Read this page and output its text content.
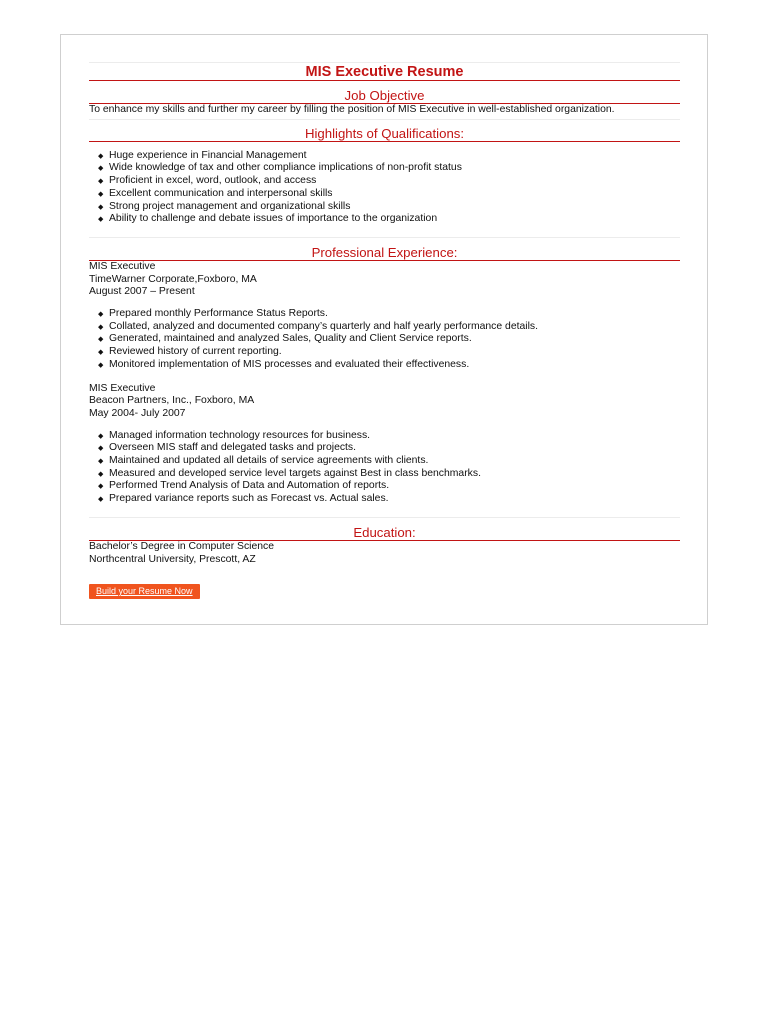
MIS Executive Resume
Job Objective
To enhance my skills and further my career by filling the position of MIS Executive in well-established organization.
Highlights of Qualifications:
◆ Huge experience in Financial Management
◆ Wide knowledge of tax and other compliance implications of non-profit status
◆ Proficient in excel, word, outlook, and access
◆ Excellent communication and interpersonal skills
◆ Strong project management and organizational skills
◆ Ability to challenge and debate issues of importance to the organization
Professional Experience:
MIS Executive
TimeWarner Corporate,Foxboro, MA
August 2007 – Present
◆ Prepared monthly Performance Status Reports.
◆ Collated, analyzed and documented company’s quarterly and half yearly performance details.
◆ Generated, maintained and analyzed Sales, Quality and Client Service reports.
◆ Reviewed history of current reporting.
◆ Monitored implementation of MIS processes and evaluated their effectiveness.
MIS Executive
Beacon Partners, Inc., Foxboro, MA
May 2004- July 2007
◆ Managed information technology resources for business.
◆ Overseen MIS staff and delegated tasks and projects.
◆ Maintained and updated all details of service agreements with clients.
◆ Measured and developed service level targets against Best in class benchmarks.
◆ Performed Trend Analysis of Data and Automation of reports.
◆ Prepared variance reports such as Forecast vs. Actual sales.
Education:
Bachelor’s Degree in Computer Science
Northcentral University, Prescott, AZ
Build your Resume Now
